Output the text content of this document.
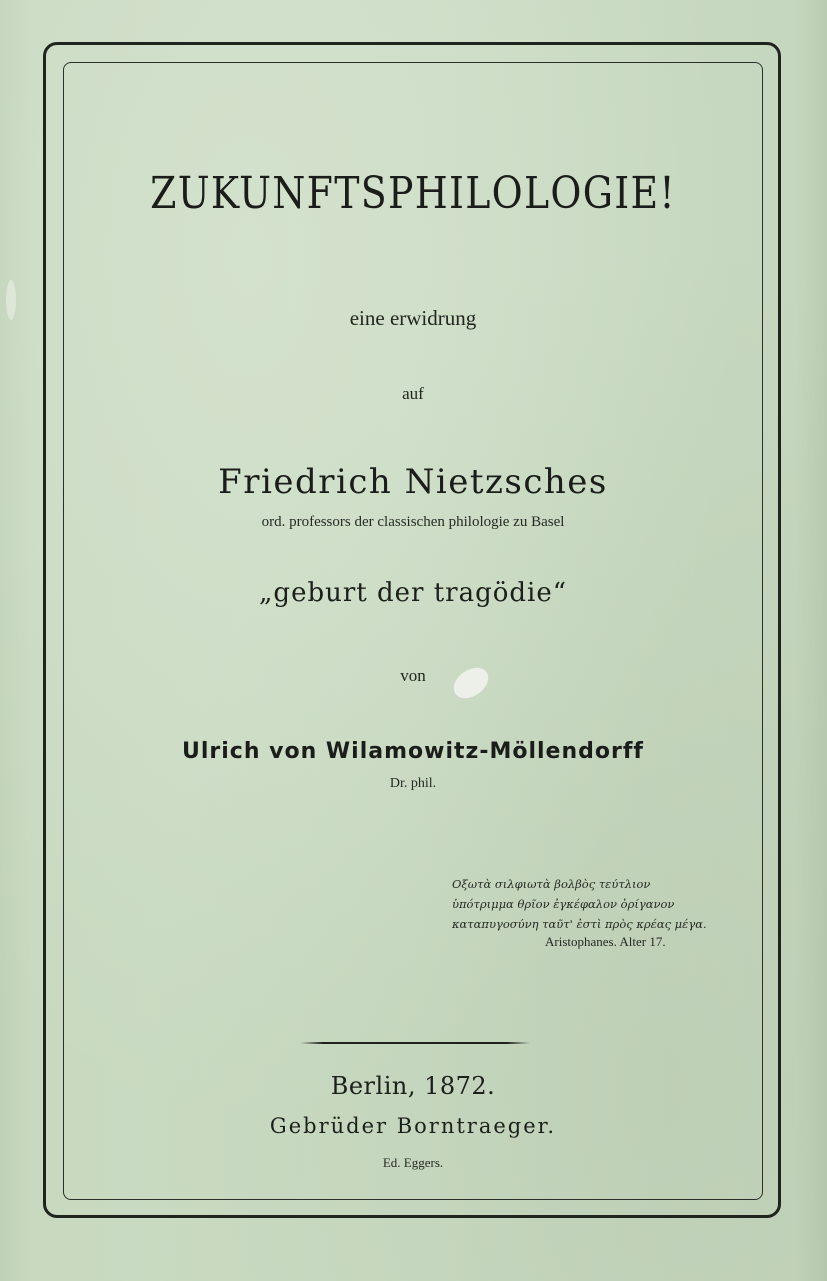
ZUKUNFTSPHILOLOGIE!
eine erwidrung
auf
Friedrich Nietzsches
ord. professors der classischen philologie zu Basel
„geburt der tragödie“
von
Ulrich von Wilamowitz-Möllendorff
Dr. phil.
Οξωτὰ σιλφιωτὰ βολβὸς τεύτλιον
ὑπότριμμα θρῖον ἐγκέφαλον ὀρίγανον
καταπυγοσύνη ταῦτ' ἐστὶ πρὸς κρέας μέγα.
Aristophanes. Alter 17.
Berlin, 1872.
Gebrüder Borntraeger.
Ed. Eggers.
